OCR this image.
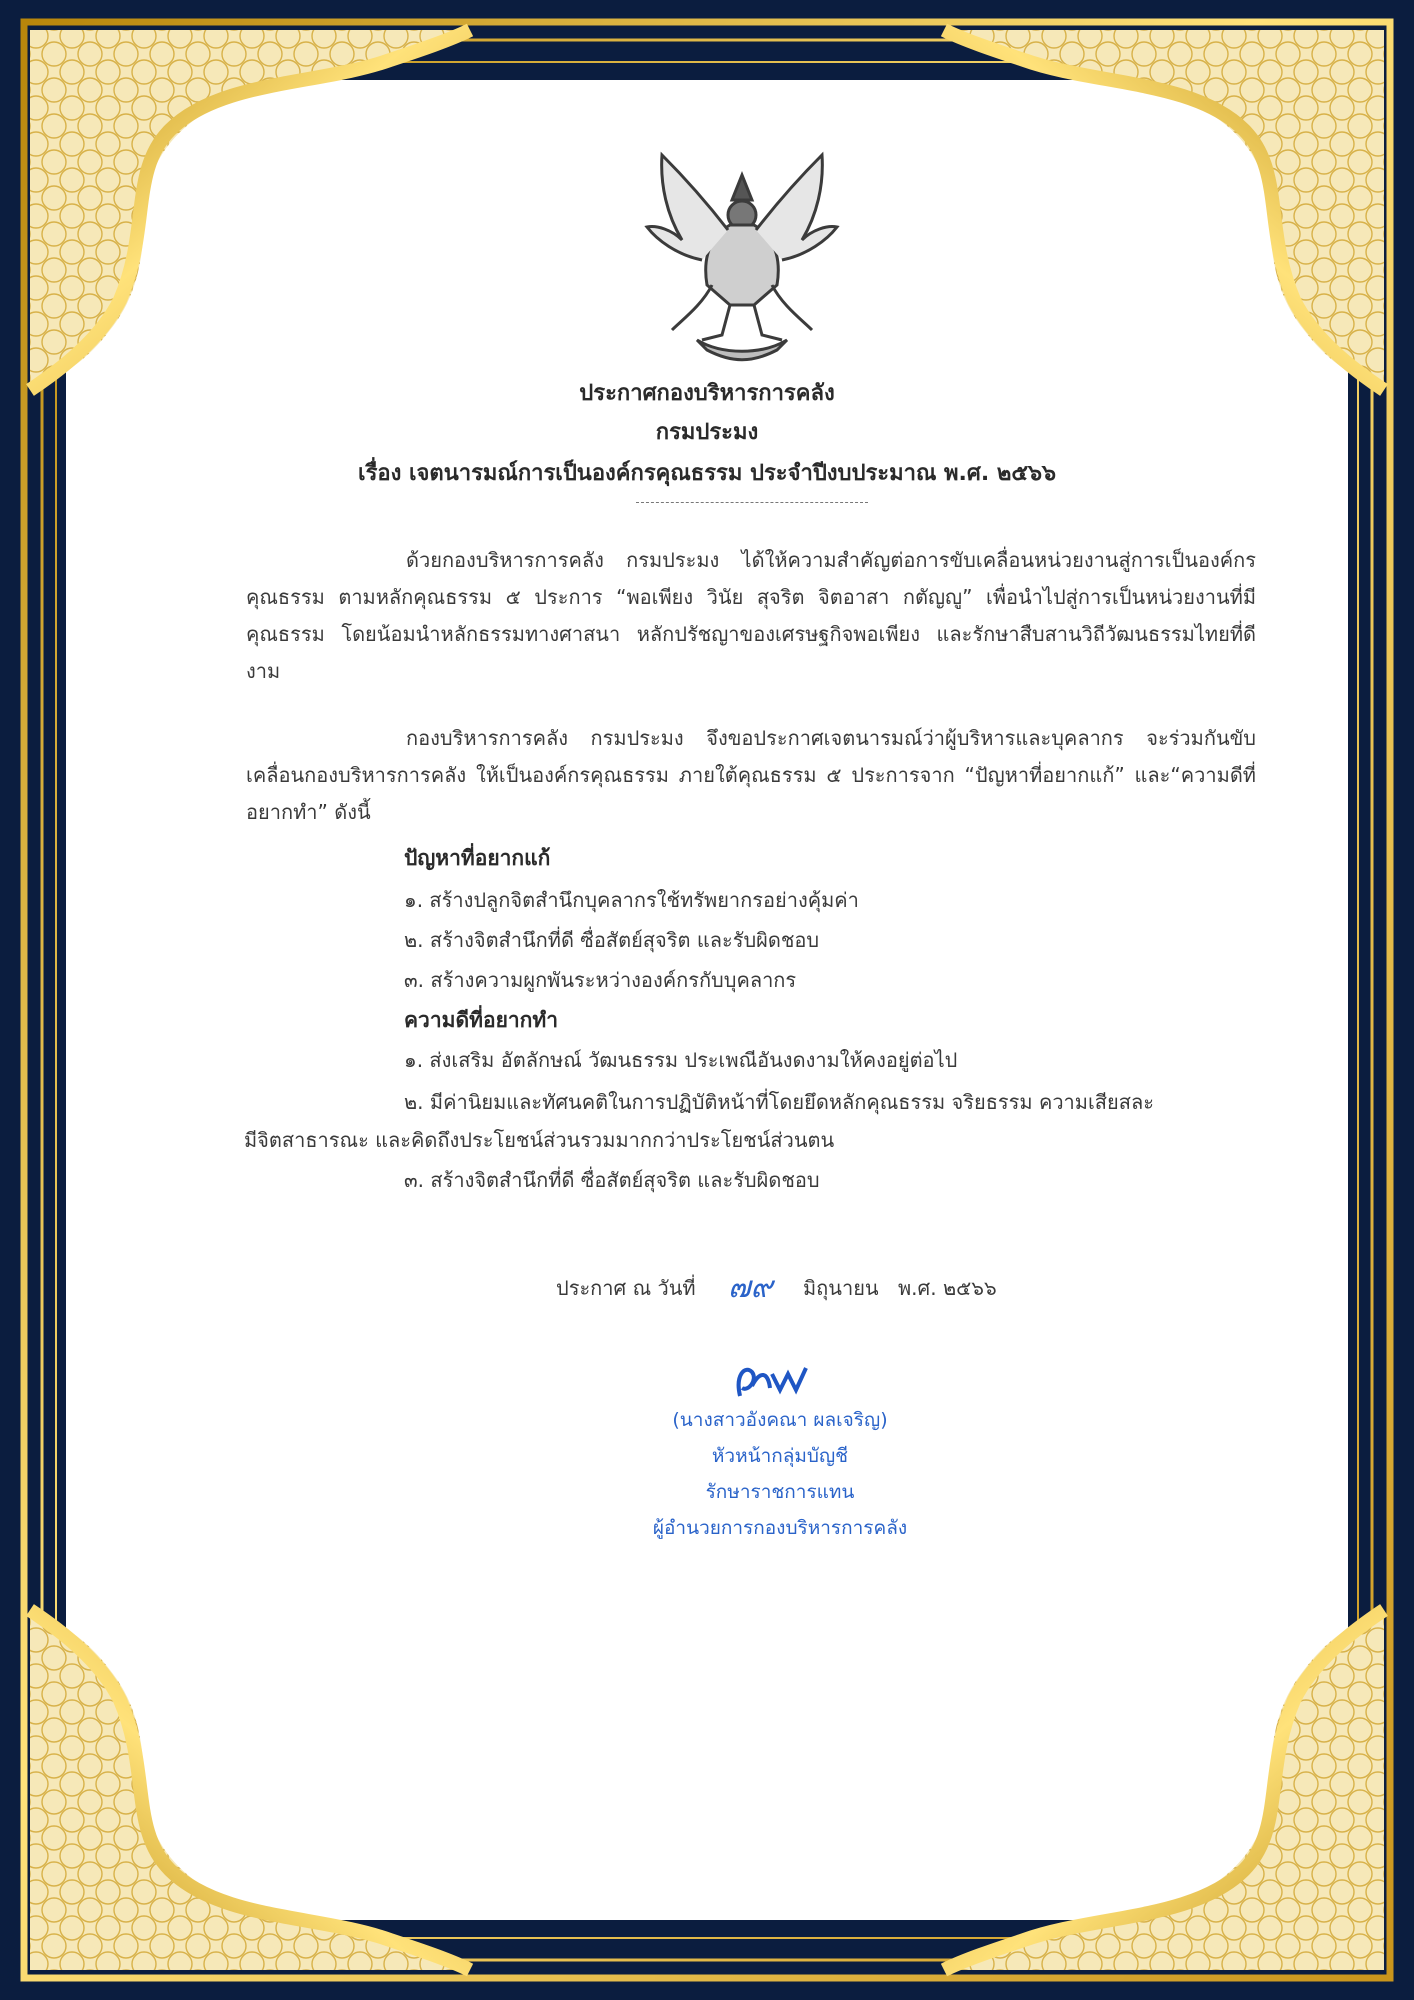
ประกาศกองบริหารการคลัง
กรมประมง
เรื่อง เจตนารมณ์การเป็นองค์กรคุณธรรม ประจำปีงบประมาณ พ.ศ. ๒๕๖๖

ด้วยกองบริหารการคลัง กรมประมง ได้ให้ความสำคัญต่อการขับเคลื่อนหน่วยงานสู่การเป็นองค์กรคุณธรรม ตามหลักคุณธรรม ๕ ประการ “พอเพียง วินัย สุจริต จิตอาสา กตัญญู” เพื่อนำไปสู่การเป็นหน่วยงานที่มีคุณธรรม โดยน้อมนำหลักธรรมทางศาสนา หลักปรัชญาของเศรษฐกิจพอเพียง และรักษาสืบสานวิถีวัฒนธรรมไทยที่ดีงาม

กองบริหารการคลัง กรมประมง จึงขอประกาศเจตนารมณ์ว่าผู้บริหารและบุคลากร จะร่วมกันขับเคลื่อนกองบริหารการคลัง ให้เป็นองค์กรคุณธรรม ภายใต้คุณธรรม ๕ ประการจาก “ปัญหาที่อยากแก้” และ“ความดีที่อยากทำ” ดังนี้

ปัญหาที่อยากแก้
๑. สร้างปลูกจิตสำนึกบุคลากรใช้ทรัพยากรอย่างคุ้มค่า
๒. สร้างจิตสำนึกที่ดี ซื่อสัตย์สุจริต และรับผิดชอบ
๓. สร้างความผูกพันระหว่างองค์กรกับบุคลากร
ความดีที่อยากทำ
๑. ส่งเสริม อัตลักษณ์ วัฒนธรรม ประเพณีอันงดงามให้คงอยู่ต่อไป
๒. มีค่านิยมและทัศนคติในการปฏิบัติหน้าที่โดยยึดหลักคุณธรรม จริยธรรม ความเสียสละ
มีจิตสาธารณะ และคิดถึงประโยชน์ส่วนรวมมากกว่าประโยชน์ส่วนตน
๓. สร้างจิตสำนึกที่ดี ซื่อสัตย์สุจริต และรับผิดชอบ
ประกาศ ณ วันที่ ๗๙ มิถุนายน พ.ศ. ๒๕๖๖
(นางสาวอังคณา ผลเจริญ)
หัวหน้ากลุ่มบัญชี
รักษาราชการแทน
ผู้อำนวยการกองบริหารการคลัง
